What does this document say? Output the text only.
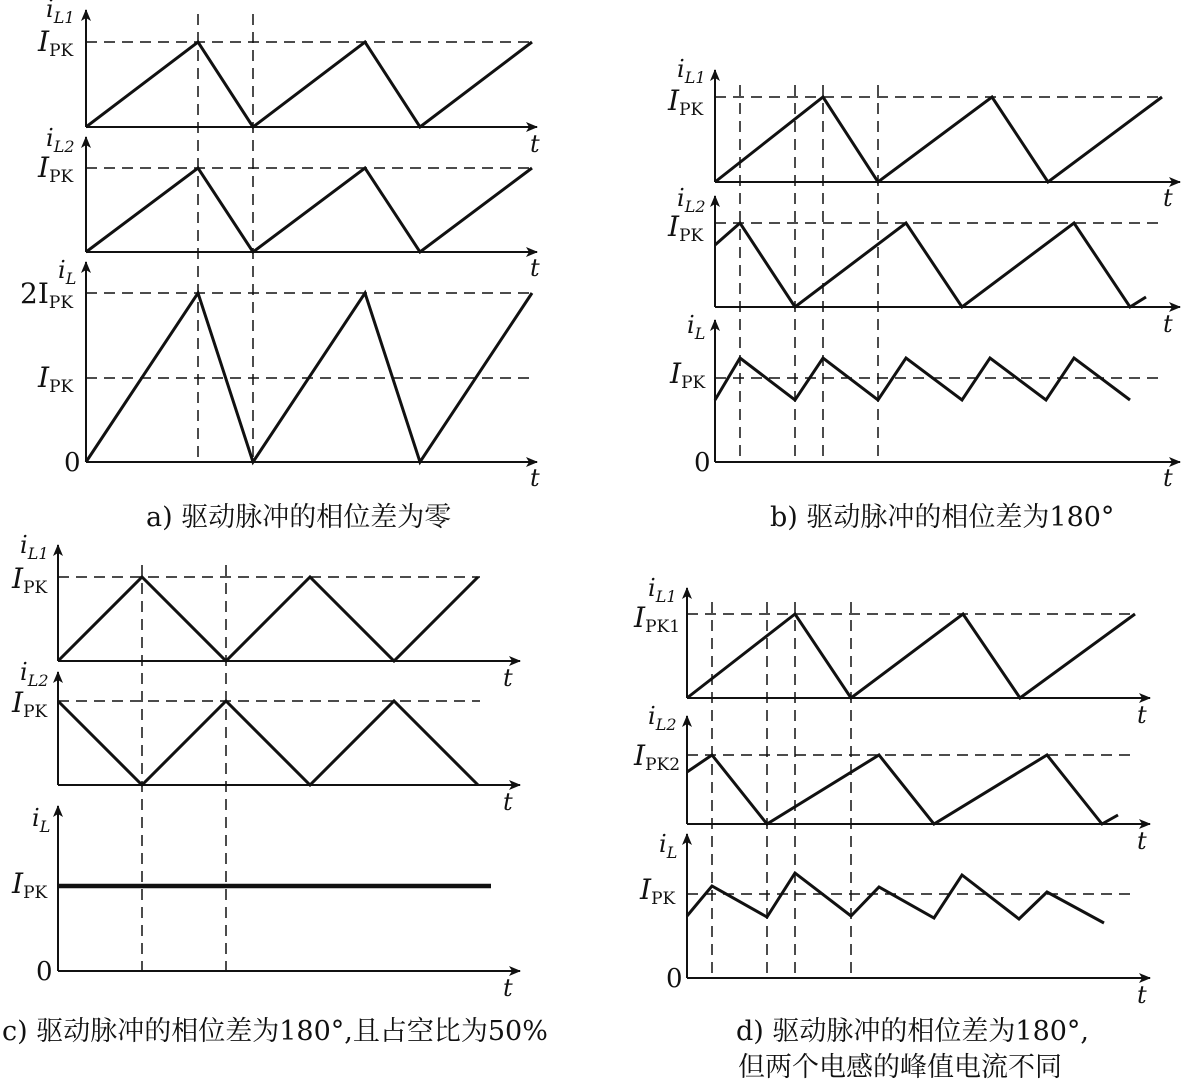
$i_{L1}$
IPK
t
$i_{L2}$
IPK
t
$i_L$
2IPK
IPK
0	t
a) 驱动脉冲的相位差为零
$i_{L1}$
IPK
t
$i_{L2}$
IPK
t
$i_L$
IPK
0	t
b) 驱动脉冲的相位差为180°
$i_{L1}$
IPK
t
$i_{L2}$
IPK
t
$i_L$
IPK
0
t
c) 驱动脉冲的相位差为180°,且占空比为50%
$i_{L1}$
IPK1
t
$i_{L2}$
IPK2
t
$i_L$
IPK
0
t
d) 驱动脉冲的相位差为180°,
但两个电感的峰值电流不同
